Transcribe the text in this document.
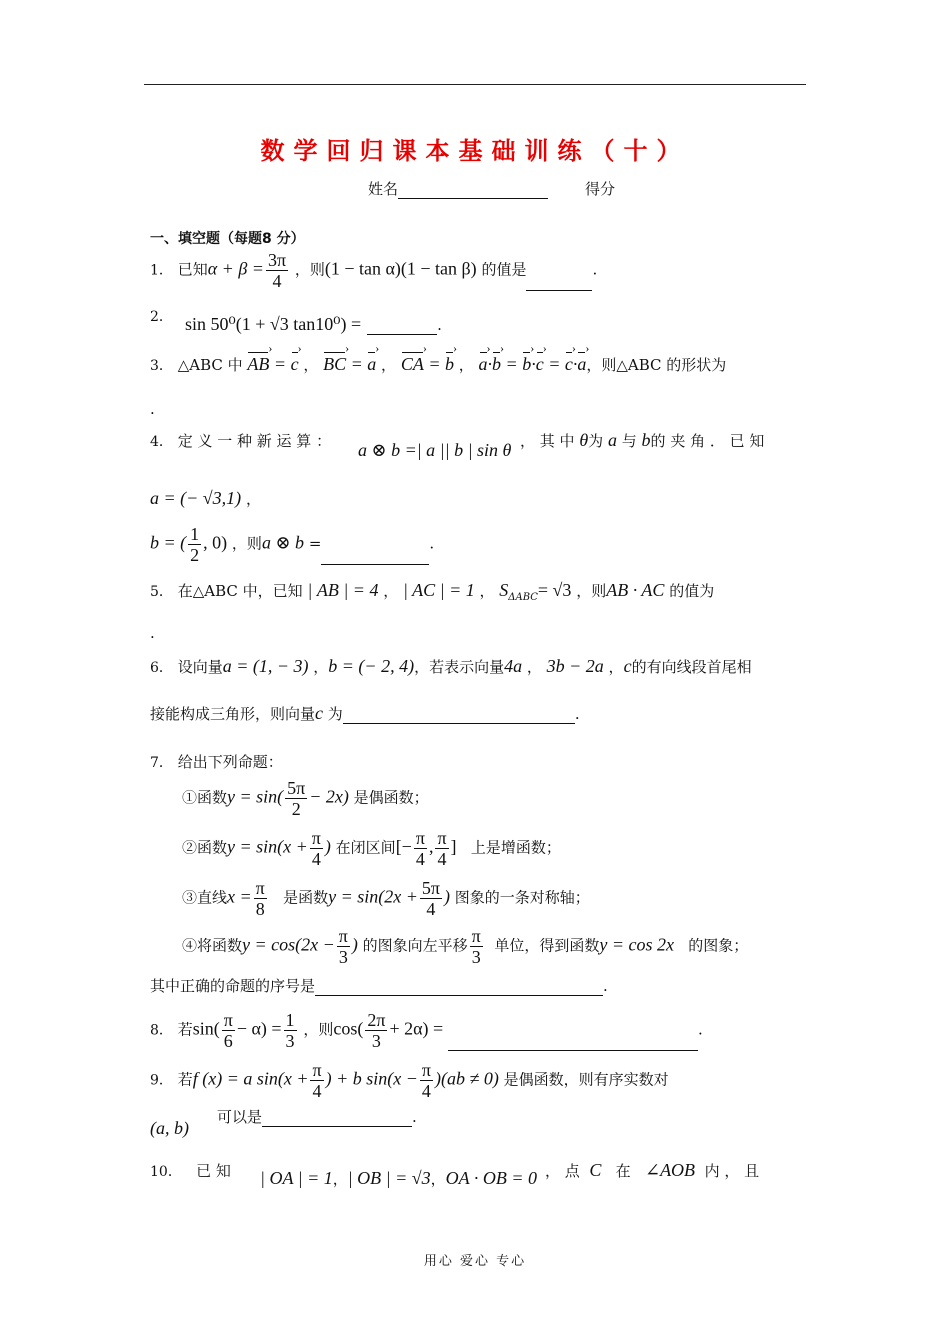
数学回归课本基础训练（十）
姓名	得分
一、填空题（每题8 分）
1． 已知$\alpha + \beta = \frac{3\pi}{4}$ ，则(1 − tan α)(1 − tan β) 的值是	.
2． sin 50⁰(1 + √3 tan10⁰) =	.
3． △ABC 中 AB › = c › ， BC › = a › ， CA › = b › ， a ›·b › = b ›·c › = c ›·a ›，则△ABC 的形状为
.
4． 定 义 一 种 新 运 算 ： a ⊗ b =| a || b | sin θ ， 其 中 θ为 a 与 b的 夹 角 ． 已 知
a = (− √3,1) ，
b = ( $\frac{1}{2}$ , 0) ，则a ⊗ b =	.
5． 在△ABC 中，已知 | AB | = 4 ， | AC | = 1 ， $S_{\Delta ABC}= √3$ ，则AB · AC 的值为
.
6． 设向量a = (1, − 3) ，b = (− 2, 4)，若表示向量4a ， 3b − 2a ，c的有向线段首尾相
接能构成三角形，则向量c 为	.
7． 给出下列命题：
①函数$y = \sin( \frac{5\pi}{2} - 2x)$ 是偶函数；
②函数$y = \sin(x + \frac{\pi}{4}$ ) 在闭区间[− $\frac{\pi}{4}$ , $\frac{\pi}{4}$ ] 上是增函数；
③直线$x = \frac{\pi}{8}$ 是函数$y = \sin(2x + \frac{5\pi}{4}$ ) 图象的一条对称轴；
④将函数$y = \cos(2x - \frac{\pi}{3}$ ) 的图象向左平移 $\frac{\pi}{3}$ 单位，得到函数y = cos 2x 的图象；
其中正确的命题的序号是	.
8． 若$\sin( \frac{\pi}{6} - \alpha) = \frac{1}{3}$ ，则$\cos( \frac{2\pi}{3} + 2\alpha)$ =	.
9． 若f (x) = a $\sin(x + \frac{\pi}{4}$ ) + b $\sin(x - \frac{\pi}{4} )(ab \ne 0)$ 是偶函数，则有序实数对
(a, b)
可以是	.
10． 已 知 | OA | = 1，| OB | = √3，OA · OB = 0 ， 点 C 在 ∠AOB 内 ， 且
用心 爱心 专心
